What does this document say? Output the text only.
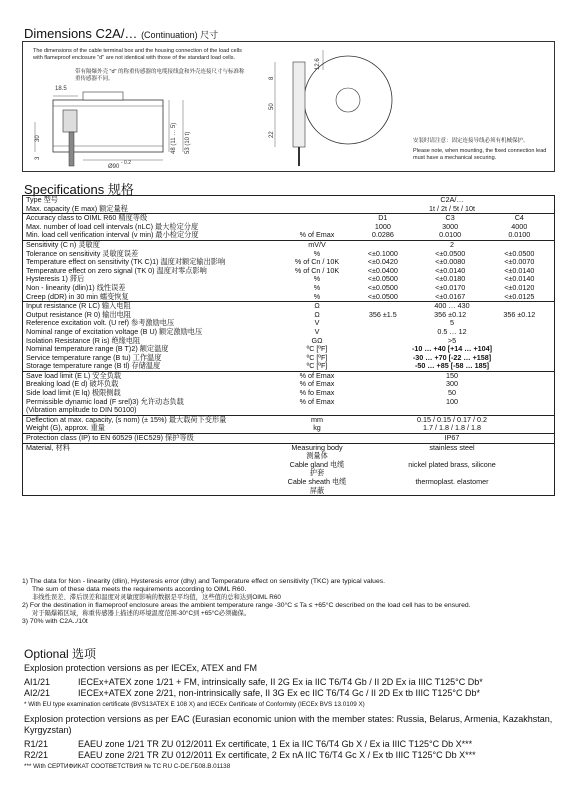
Dimensions C2A/… (Continuation) 尺寸
The dimensions of the cable terminal box and the housing connection of the load cells with flameproof enclosure "d" are not identical with those of the standard load cells.
带有隔爆外壳 "d" 的称重传感器的电缆接线盒和外壳连接尺寸与标准称重传感器不同。
18.5
30
3
48 (11 … 5) 53 (10 t)
Ø90
- 0.2
12.6
8
50
22
安装时请注意：固定连接导线必须有机械保护。
Please note, when mounting, the fixed connection lead must have a mechanical securing.
Specifications 规格
Type 型号		C2A/…		
Max. capacity (E max) 额定量程		1t / 2t / 5t / 10t		
Accuracy class to OIML R60 精度等级		D1	C3	C4
Max. number of load cell intervals (nLC) 最大检定分度		1000	3000	4000
Min. load cell verification interval (v min) 最小检定分度	% of Emax	0.0286	0.0100	0.0100
Sensitivity (C n) 灵敏度	mV/V	2		
Tolerance on sensitivity 灵敏度误差	%	<±0.1000	<±0.0500	<±0.0500
Temperature effect on sensitivity (TK C)1) 温度对额定输出影响	% of Cn / 10K	<±0.0420	<±0.0080	<±0.0070
Temperature effect on zero signal (TK 0) 温度对零点影响	% of Cn / 10K	<±0.0400	<±0.0140	<±0.0140
Hysteresis 1) 滞后	%	<±0.0500	<±0.0180	<±0.0140
Non - linearity (dlin)1) 线性误差	%	<±0.0500	<±0.0170	<±0.0120
Creep (dDR) in 30 min 蠕变恢复	%	<±0.0500	<±0.0167	<±0.0125
Input resistance (R LC) 输入电阻	Ω	400 … 430		
Output resistance (R 0) 输出电阻	Ω	356 ±1.5	356 ±0.12	356 ±0.12
Reference excitation volt. (U ref) 参考激励电压	V	5		
Nominal range of excitation voltage (B U) 额定激励电压	V	0.5 … 12		
Isolation Resistance (R is) 绝缘电阻	GΩ	>5		
Nominal temperature range (B T)2) 额定温度	ºC [ºF]	-10 … +40 [+14 … +104]		
Service temperature range (B tu) 工作温度	ºC [ºF]	-30 … +70 [-22 … +158]		
Storage temperature range (B tl) 存储温度	ºC [ºF]	-50 … +85 [-58 … 185]		
Save load limit (E L) 安全负载	% of Emax	150		
Breaking load (E d) 破坏负载	% of Emax	300		
Side load limit (E lq) 极限侧载	% fo Emax	50		
Permissible dynamic load (F srel)3) 允许动态负载	% of Emax	100		
(Vibration amplitude to DIN 50100)				
Deflection at max. capacity, (s nom) (± 15%) 最大载荷下变形量	mm	0.15 / 0.15 / 0.17 / 0.2		
Weight (G), approx. 重量	kg	1.7 / 1.8 / 1.8 / 1.8		
Protection class (IP) to EN 60529 (IEC529) 保护等级		IP67		
Material, 材料	Measuring body 测量体	stainless steel		
	Cable gland 电缆护套	nickel plated brass, silicone		
	Cable sheath 电缆屏蔽	thermoplast. elastomer		
1) The data for Non - linearity (dlin), Hysteresis error (dhy) and Temperature effect on sensitivity (TKC) are typical values.
The sum of these data meets the requirements according to OIML R60.
非线性误差、滞后误差和温度对灵敏度影响的数据是平均值，这些值的总和达到OIML R60
2) For the destination in flameproof enclosure areas the ambient temperature range -30°C ≤ Ta ≤ +65°C described on the load cell has to be ensured.
对于隔爆箱区域，称重传感器上描述的环境温度范围-30°C到 +65°C必须确保。
3) 70% with C2A../10t
Optional 选项
Explosion protection versions as per IECEx, ATEX and FM
AI1/21	IECEx+ATEX zone 1/21 + FM, intrinsically safe, II 2G Ex ia IIC T6/T4 Gb / II 2D Ex ia IIIC T125°C Db*
AI2/21	IECEx+ATEX zone 2/21, non-intrinsically safe, II 3G Ex ec IIC T6/T4 Gc / II 2D Ex tb IIIC T125°C Db*
* With EU type examination certificate (BVS13ATEX E 108 X) and IECEx Certificate of Conformity (IECEx BVS 13.0109 X)
Explosion protection versions as per EAC (Eurasian economic union with the member states: Russia, Belarus, Armenia, Kazakhstan, Kyrgyzstan)
R1/21	EAEU zone 1/21 TR ZU 012/2011 Ex certificate, 1 Ex ia IIC T6/T4 Gb X / Ex ia IIIC T125°C Db X***
R2/21	EAEU zone 2/21 TR ZU 012/2011 Ex certificate, 2 Ex nA IIC T6/T4 Gc X / Ex tb IIIC T125°C Db X***
*** With СЕРТИФИКАТ СООТВЕТСТВИЯ № TC RU C-DE.ГБ08.В.01138
